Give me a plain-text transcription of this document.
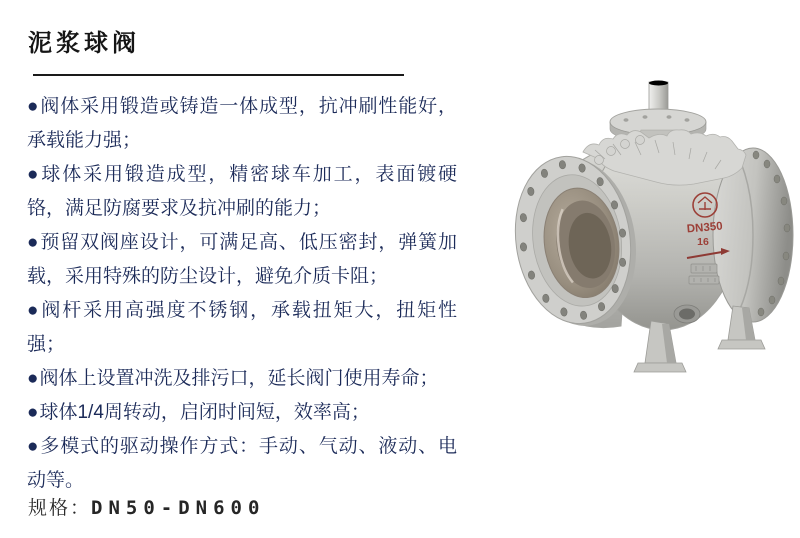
泥浆球阀
●阀体采用锻造或铸造一体成型，抗冲刷性能好，承载能力强；
●球体采用锻造成型，精密球车加工，表面镀硬铬，满足防腐要求及抗冲刷的能力；
●预留双阀座设计，可满足高、低压密封，弹簧加载，采用特殊的防尘设计，避免介质卡阻；
●阀杆采用高强度不锈钢，承载扭矩大，扭矩性强；
●阀体上设置冲洗及排污口，延长阀门使用寿命；
●球体1/4周转动，启闭时间短，效率高；
●多模式的驱动操作方式：手动、气动、液动、电动等。
规格：DN50-DN600
DN350
16
